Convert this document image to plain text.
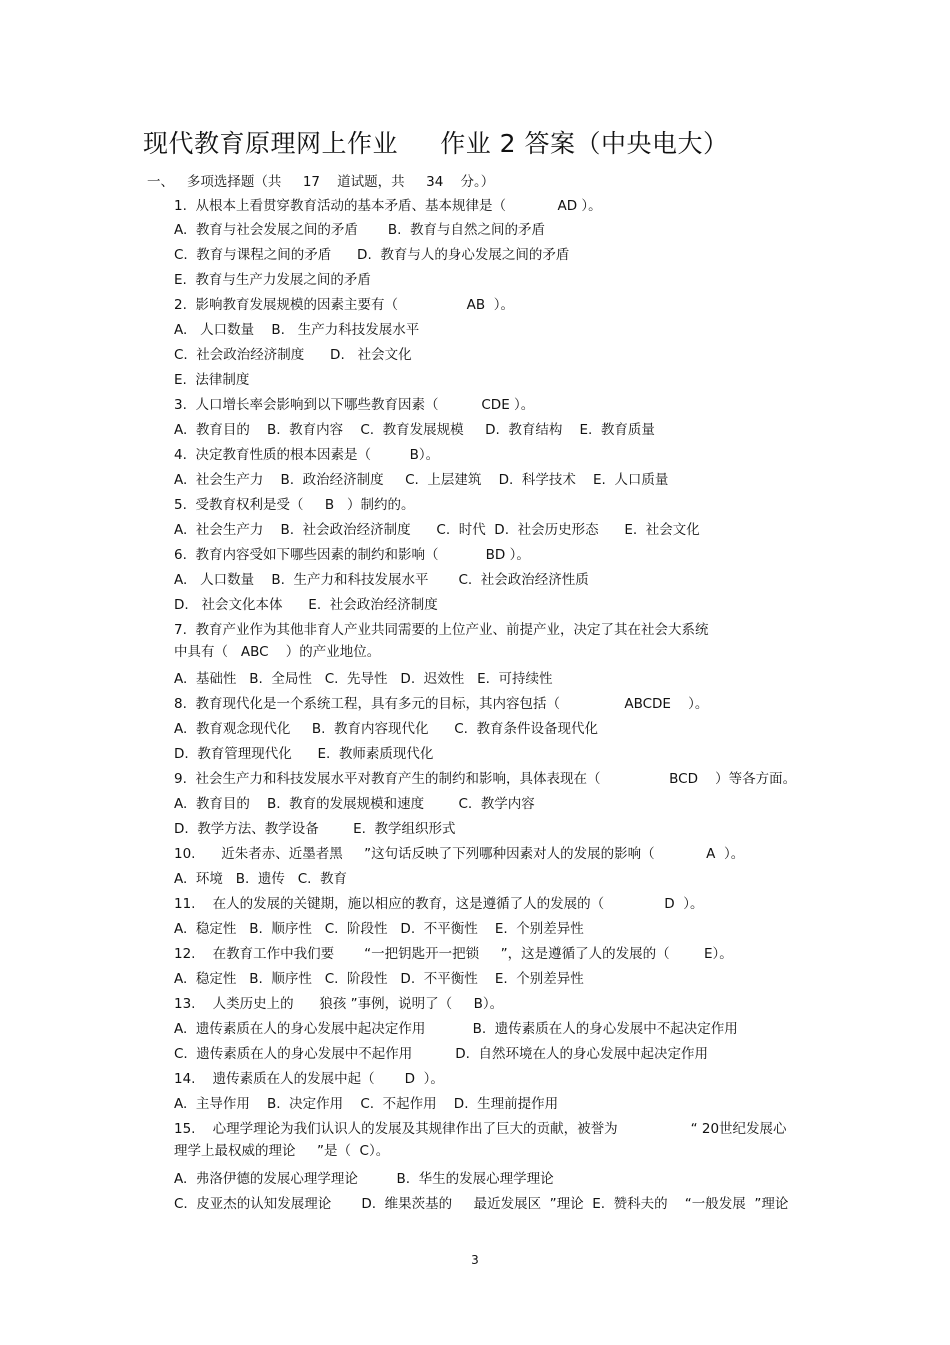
现代教育原理网上作业     作业 2 答案（中央电大）
一、   多项选择题（共     17    道试题，共     34    分。）
1.  从根本上看贯穿教育活动的基本矛盾、基本规律是（            AD ）。
A.  教育与社会发展之间的矛盾       B.  教育与自然之间的矛盾
C.  教育与课程之间的矛盾      D.  教育与人的身心发展之间的矛盾
E.  教育与生产力发展之间的矛盾
2.  影响教育发展规模的因素主要有（                AB  ）。
A.   人口数量    B.   生产力科技发展水平
C.  社会政治经济制度      D.   社会文化
E.  法律制度
3.  人口增长率会影响到以下哪些教育因素（          CDE ）。
A.  教育目的    B.  教育内容    C.  教育发展规模     D.  教育结构    E.  教育质量
4.  决定教育性质的根本因素是（         B）。
A.  社会生产力    B.  政治经济制度     C.  上层建筑    D.  科学技术    E.  人口质量
5.  受教育权利是受（     B   ）制约的。
A.  社会生产力    B.  社会政治经济制度      C.  时代  D.  社会历史形态      E.  社会文化
6.  教育内容受如下哪些因素的制约和影响（           BD ）。
A.   人口数量    B.  生产力和科技发展水平       C.  社会政治经济性质
D.   社会文化本体      E.  社会政治经济制度
7.  教育产业作为其他非育人产业共同需要的上位产业、前提产业，决定了其在社会大系统
中具有（   ABC    ）的产业地位。
A.  基础性   B.  全局性   C.  先导性   D.  迟效性   E.  可持续性
8.  教育现代化是一个系统工程，具有多元的目标，其内容包括（               ABCDE    ）。
A.  教育观念现代化     B.  教育内容现代化      C.  教育条件设备现代化
D.  教育管理现代化      E.  教师素质现代化
9.  社会生产力和科技发展水平对教育产生的制约和影响，具体表现在（                BCD    ）等各方面。
A.  教育目的    B.  教育的发展规模和速度        C.  教学内容
D.  教学方法、教学设备        E.  教学组织形式
10.      近朱者赤、近墨者黑     ”这句话反映了下列哪种因素对人的发展的影响（            A  ）。
A.  环境   B.  遗传   C.  教育
11.    在人的发展的关键期，施以相应的教育，这是遵循了人的发展的（              D  ）。
A.  稳定性   B.  顺序性   C.  阶段性   D.  不平衡性    E.  个别差异性
12.    在教育工作中我们要       “一把钥匙开一把锁     ”，这是遵循了人的发展的（        E）。
A.  稳定性   B.  顺序性   C.  阶段性   D.  不平衡性    E.  个别差异性
13.    人类历史上的      狼孩 ”事例，说明了（     B）。
A.  遗传素质在人的身心发展中起决定作用           B.  遗传素质在人的身心发展中不起决定作用
C.  遗传素质在人的身心发展中不起作用          D.  自然环境在人的身心发展中起决定作用
14.    遗传素质在人的发展中起（       D  ）。
A.  主导作用    B.  决定作用    C.  不起作用    D.  生理前提作用
15.    心理学理论为我们认识人的发展及其规律作出了巨大的贡献，被誉为                 “ 20世纪发展心
理学上最权威的理论     ”是（  C）。
A.  弗洛伊德的发展心理学理论         B.  华生的发展心理学理论
C.  皮亚杰的认知发展理论       D.  维果茨基的     最近发展区  ”理论  E.  赞科夫的    “一般发展  ”理论
3
